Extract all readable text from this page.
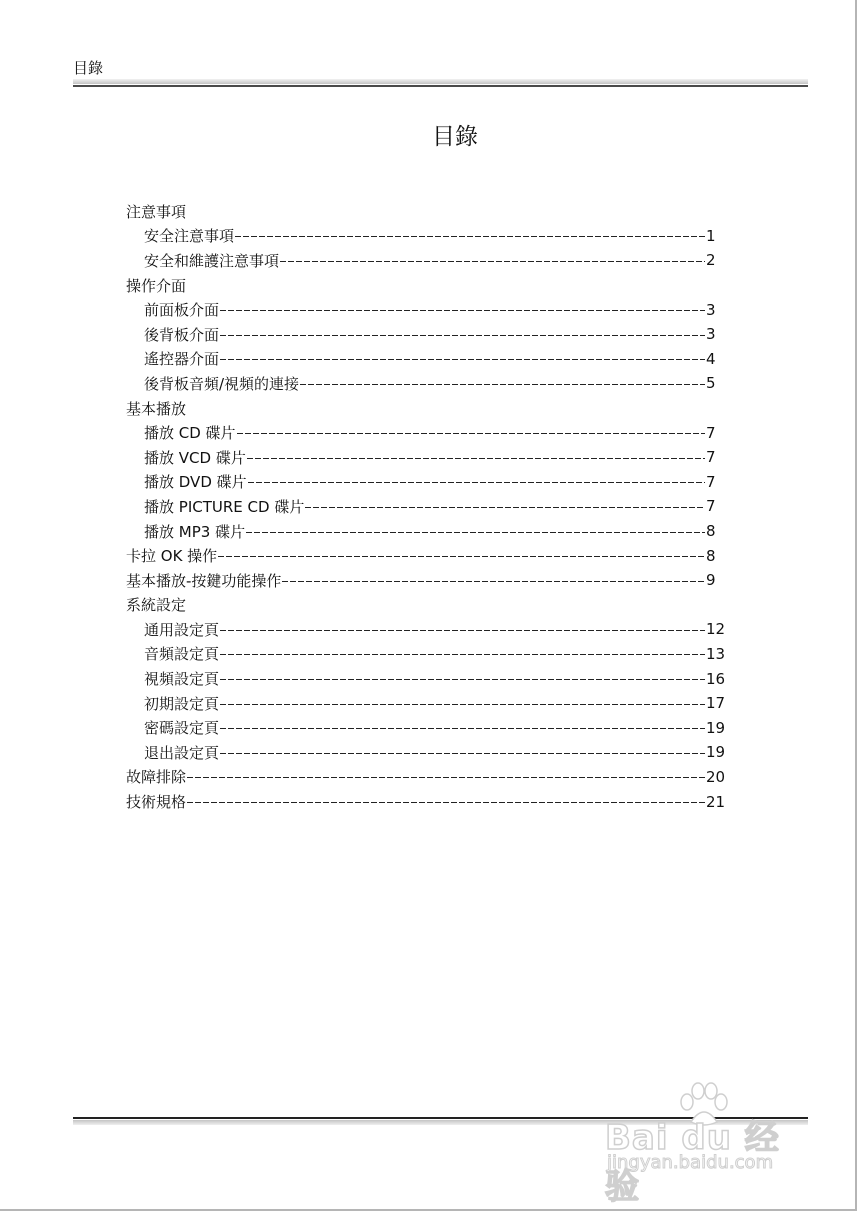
目錄
目錄
注意事項
安全注意事項	1
安全和維護注意事項	2
操作介面
前面板介面	3
後背板介面	3
遙控器介面	4
後背板音頻/視頻的連接	5
基本播放
播放 CD 碟片	7
播放 VCD 碟片	7
播放 DVD 碟片	7
播放 PICTURE CD 碟片	7
播放 MP3 碟片	8
卡拉 OK 操作	8
基本播放-按鍵功能操作	9
系統設定
通用設定頁	12
音頻設定頁	13
視頻設定頁	16
初期設定頁	17
密碼設定頁	19
退出設定頁	19
故障排除	20
技術規格	21
Bai du 经验
jingyan.baidu.com
